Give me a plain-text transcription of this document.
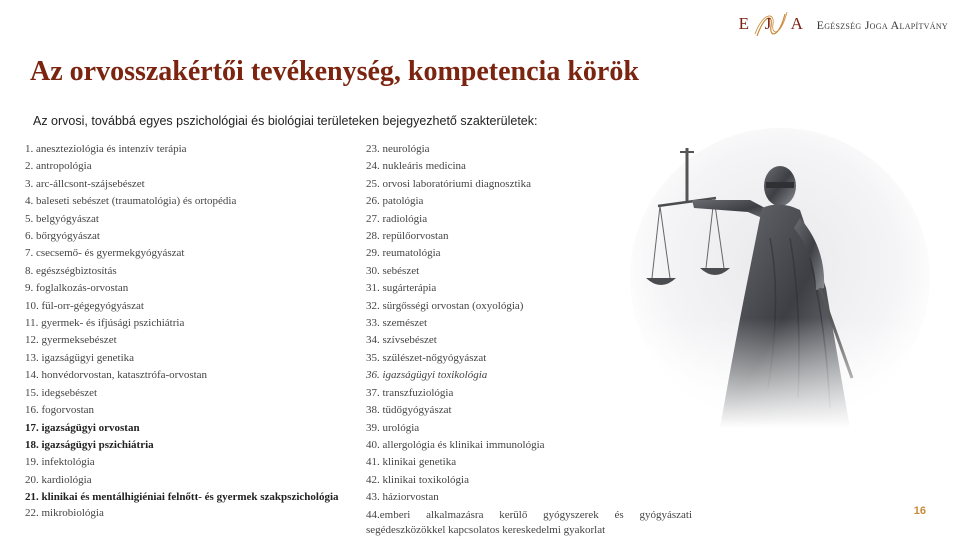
E J A Egészség Joga Alapítvány
Az orvosszakértői tevékenység, kompetencia körök

Az orvosi, továbbá egyes pszichológiai és biológiai területeken bejegyezhető szakterületek:

1. aneszteziológia és intenzív terápia
2. antropológia
3. arc-állcsont-szájsebészet
4. baleseti sebészet (traumatológia) és ortopédia
5. belgyógyászat
6. bőrgyógyászat
7. csecsemő- és gyermekgyógyászat
8. egészségbiztosítás
9. foglalkozás-orvostan
10. fül-orr-gégegyógyászat
11. gyermek- és ifjúsági pszichiátria
12. gyermeksebészet
13. igazságügyi genetika
14. honvédorvostan, katasztrófa-orvostan
15. idegsebészet
16. fogorvostan
17. igazságügyi orvostan
18. igazságügyi pszichiátria
19. infektológia
20. kardiológia
21. klinikai és mentálhigiéniai felnőtt- és gyermek szakpszichológia
22. mikrobiológia
23. neurológia
24. nukleáris medicina
25. orvosi laboratóriumi diagnosztika
26. patológia
27. radiológia
28. repülőorvostan
29. reumatológia
30. sebészet
31. sugárterápia
32. sürgősségi orvostan (oxyológia)
33. szemészet
34. szívsebészet
35. szülészet-nőgyógyászat
36. igazságügyi toxikológia
37. transzfuziológia
38. tüdőgyógyászat
39. urológia
40. allergológia és klinikai immunológia
41. klinikai genetika
42. klinikai toxikológia
43. háziorvostan
44.emberi alkalmazásra kerülő gyógyszerek és gyógyászati segédeszközökkel kapcsolatos kereskedelmi gyakorlat
16
